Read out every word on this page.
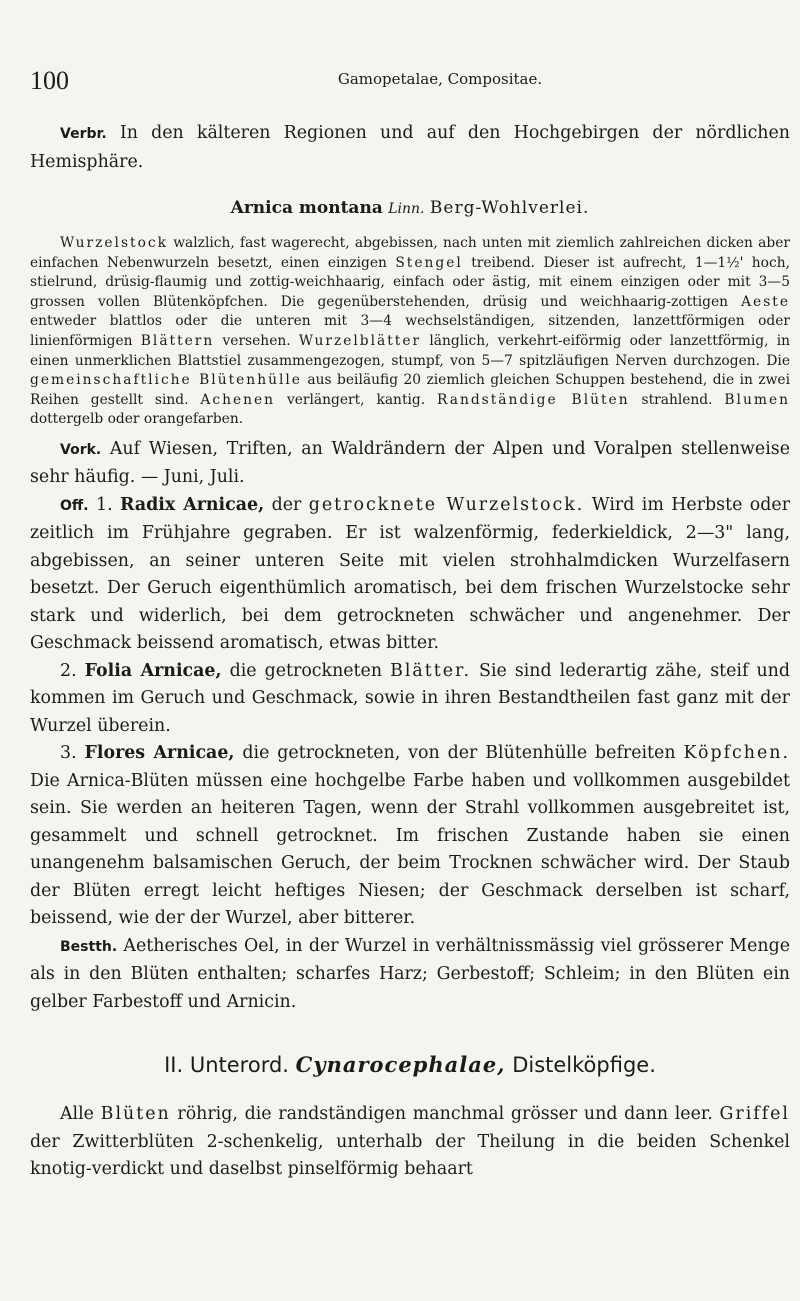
100	Gamopetalae, Compositae.

Verbr. In den kälteren Regionen und auf den Hochgebirgen der nördlichen Hemisphäre.

Arnica montana Linn. Berg-Wohlverlei.

Wurzelstock walzlich, fast wagerecht, abgebissen, nach unten mit ziemlich zahlreichen dicken aber einfachen Nebenwurzeln besetzt, einen einzigen Stengel treibend. Dieser ist aufrecht, 1—1½' hoch, stielrund, drüsig-flaumig und zottig-weichhaarig, einfach oder ästig, mit einem einzigen oder mit 3—5 grossen vollen Blütenköpfchen. Die gegenüberstehenden, drüsig und weichhaarig-zottigen Aeste entweder blattlos oder die unteren mit 3—4 wechselständigen, sitzenden, lanzettförmigen oder linienförmigen Blättern versehen. Wurzelblätter länglich, verkehrt-eiförmig oder lanzettförmig, in einen unmerklichen Blattstiel zusammengezogen, stumpf, von 5—7 spitzläufigen Nerven durchzogen. Die gemeinschaftliche Blütenhülle aus beiläufig 20 ziemlich gleichen Schuppen bestehend, die in zwei Reihen gestellt sind. Achenen verlängert, kantig. Randständige Blüten strahlend. Blumen dottergelb oder orangefarben.

Vork. Auf Wiesen, Triften, an Waldrändern der Alpen und Voralpen stellenweise sehr häufig. — Juni, Juli.

Off. 1. Radix Arnicae, der getrocknete Wurzelstock. Wird im Herbste oder zeitlich im Frühjahre gegraben. Er ist walzenförmig, federkieldick, 2—3" lang, abgebissen, an seiner unteren Seite mit vielen strohhalmdicken Wurzelfasern besetzt. Der Geruch eigenthümlich aromatisch, bei dem frischen Wurzelstocke sehr stark und widerlich, bei dem getrockneten schwächer und angenehmer. Der Geschmack beissend aromatisch, etwas bitter.

2. Folia Arnicae, die getrockneten Blätter. Sie sind lederartig zähe, steif und kommen im Geruch und Geschmack, sowie in ihren Bestandtheilen fast ganz mit der Wurzel überein.

3. Flores Arnicae, die getrockneten, von der Blütenhülle befreiten Köpfchen. Die Arnica-Blüten müssen eine hochgelbe Farbe haben und vollkommen ausgebildet sein. Sie werden an heiteren Tagen, wenn der Strahl vollkommen ausgebreitet ist, gesammelt und schnell getrocknet. Im frischen Zustande haben sie einen unangenehm balsamischen Geruch, der beim Trocknen schwächer wird. Der Staub der Blüten erregt leicht heftiges Niesen; der Geschmack derselben ist scharf, beissend, wie der der Wurzel, aber bitterer.

Bestth. Aetherisches Oel, in der Wurzel in verhältnissmässig viel grösserer Menge als in den Blüten enthalten; scharfes Harz; Gerbestoff; Schleim; in den Blüten ein gelber Farbestoff und Arnicin.

II. Unterord. Cynarocephalae, Distelköpfige.

Alle Blüten röhrig, die randständigen manchmal grösser und dann leer. Griffel der Zwitterblüten 2-schenkelig, unterhalb der Theilung in die beiden Schenkel knotig-verdickt und daselbst pinselförmig behaart
